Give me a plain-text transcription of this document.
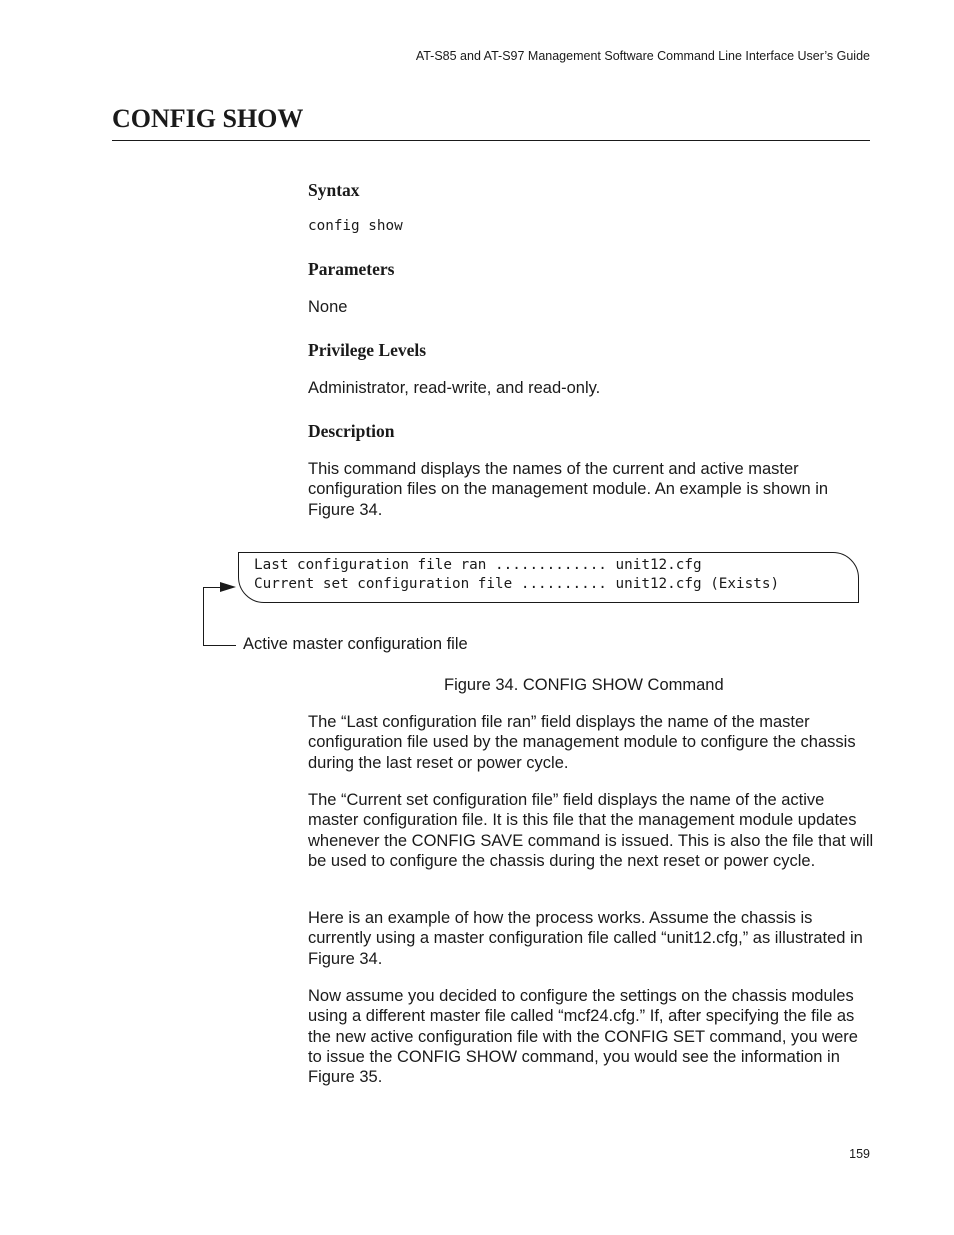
AT-S85 and AT-S97 Management Software Command Line Interface User’s Guide
CONFIG SHOW
Syntax
config show
Parameters

None

Privilege Levels

Administrator, read-write, and read-only.

Description

This command displays the names of the current and active master configuration files on the management module. An example is shown in Figure 34.

Last configuration file ran ............. unit12.cfg
Current set configuration file .......... unit12.cfg (Exists)
Active master configuration file
Figure 34. CONFIG SHOW Command

The “Last configuration file ran” field displays the name of the master configuration file used by the management module to configure the chassis during the last reset or power cycle.

The “Current set configuration file” field displays the name of the active master configuration file. It is this file that the management module updates whenever the CONFIG SAVE command is issued. This is also the file that will be used to configure the chassis during the next reset or power cycle.

Here is an example of how the process works. Assume the chassis is currently using a master configuration file called “unit12.cfg,” as illustrated in Figure 34.

Now assume you decided to configure the settings on the chassis modules using a different master file called “mcf24.cfg.” If, after specifying the file as the new active configuration file with the CONFIG SET command, you were to issue the CONFIG SHOW command, you would see the information in Figure 35.

159
